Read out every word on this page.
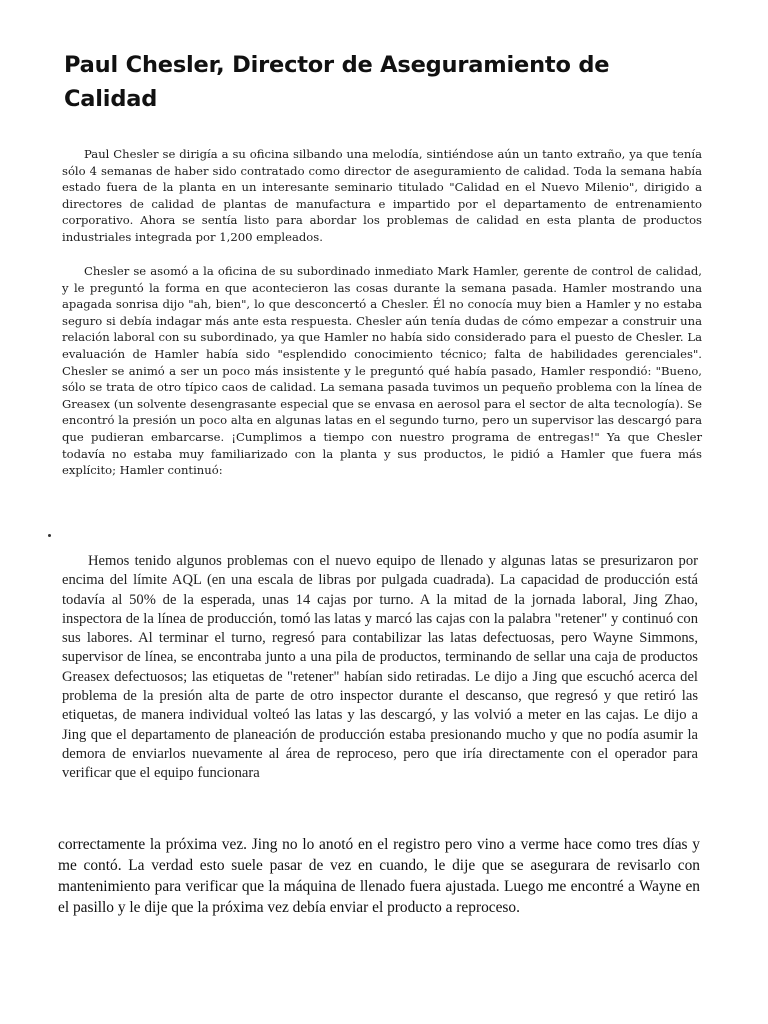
Paul Chesler, Director de Aseguramiento de Calidad

Paul Chesler se dirigía a su oficina silbando una melodía, sintiéndose aún un tanto extraño, ya que tenía sólo 4 semanas de haber sido contratado como director de aseguramiento de calidad. Toda la semana había estado fuera de la planta en un interesante seminario titulado "Calidad en el Nuevo Milenio", dirigido a directores de calidad de plantas de manufactura e impartido por el departamento de entrenamiento corporativo. Ahora se sentía listo para abordar los problemas de calidad en esta planta de productos industriales integrada por 1,200 empleados.

Chesler se asomó a la oficina de su subordinado inmediato Mark Hamler, gerente de control de calidad, y le preguntó la forma en que acontecieron las cosas durante la semana pasada. Hamler mostrando una apagada sonrisa dijo "ah, bien", lo que desconcertó a Chesler. Él no conocía muy bien a Hamler y no estaba seguro si debía indagar más ante esta respuesta. Chesler aún tenía dudas de cómo empezar a construir una relación laboral con su subordinado, ya que Hamler no había sido considerado para el puesto de Chesler. La evaluación de Hamler había sido "esplendido conocimiento técnico; falta de habilidades gerenciales". Chesler se animó a ser un poco más insistente y le preguntó qué había pasado, Hamler respondió: "Bueno, sólo se trata de otro típico caos de calidad. La semana pasada tuvimos un pequeño problema con la línea de Greasex (un solvente desengrasante especial que se envasa en aerosol para el sector de alta tecnología). Se encontró la presión un poco alta en algunas latas en el segundo turno, pero un supervisor las descargó para que pudieran embarcarse. ¡Cumplimos a tiempo con nuestro programa de entregas!" Ya que Chesler todavía no estaba muy familiarizado con la planta y sus productos, le pidió a Hamler que fuera más explícito; Hamler continuó:

Hemos tenido algunos problemas con el nuevo equipo de llenado y algunas latas se presurizaron por encima del límite AQL (en una escala de libras por pulgada cuadrada). La capacidad de producción está todavía al 50% de la esperada, unas 14 cajas por turno. A la mitad de la jornada laboral, Jing Zhao, inspectora de la línea de producción, tomó las latas y marcó las cajas con la palabra "retener" y continuó con sus labores. Al terminar el turno, regresó para contabilizar las latas defectuosas, pero Wayne Simmons, supervisor de línea, se encontraba junto a una pila de productos, terminando de sellar una caja de productos Greasex defectuosos; las etiquetas de "retener" habían sido retiradas. Le dijo a Jing que escuchó acerca del problema de la presión alta de parte de otro inspector durante el descanso, que regresó y que retiró las etiquetas, de manera individual volteó las latas y las descargó, y las volvió a meter en las cajas. Le dijo a Jing que el departamento de planeación de producción estaba presionando mucho y que no podía asumir la demora de enviarlos nuevamente al área de reproceso, pero que iría directamente con el operador para verificar que el equipo funcionara

correctamente la próxima vez. Jing no lo anotó en el registro pero vino a verme hace como tres días y me contó. La verdad esto suele pasar de vez en cuando, le dije que se asegurara de revisarlo con mantenimiento para verificar que la máquina de llenado fuera ajustada. Luego me encontré a Wayne en el pasillo y le dije que la próxima vez debía enviar el producto a reproceso.
